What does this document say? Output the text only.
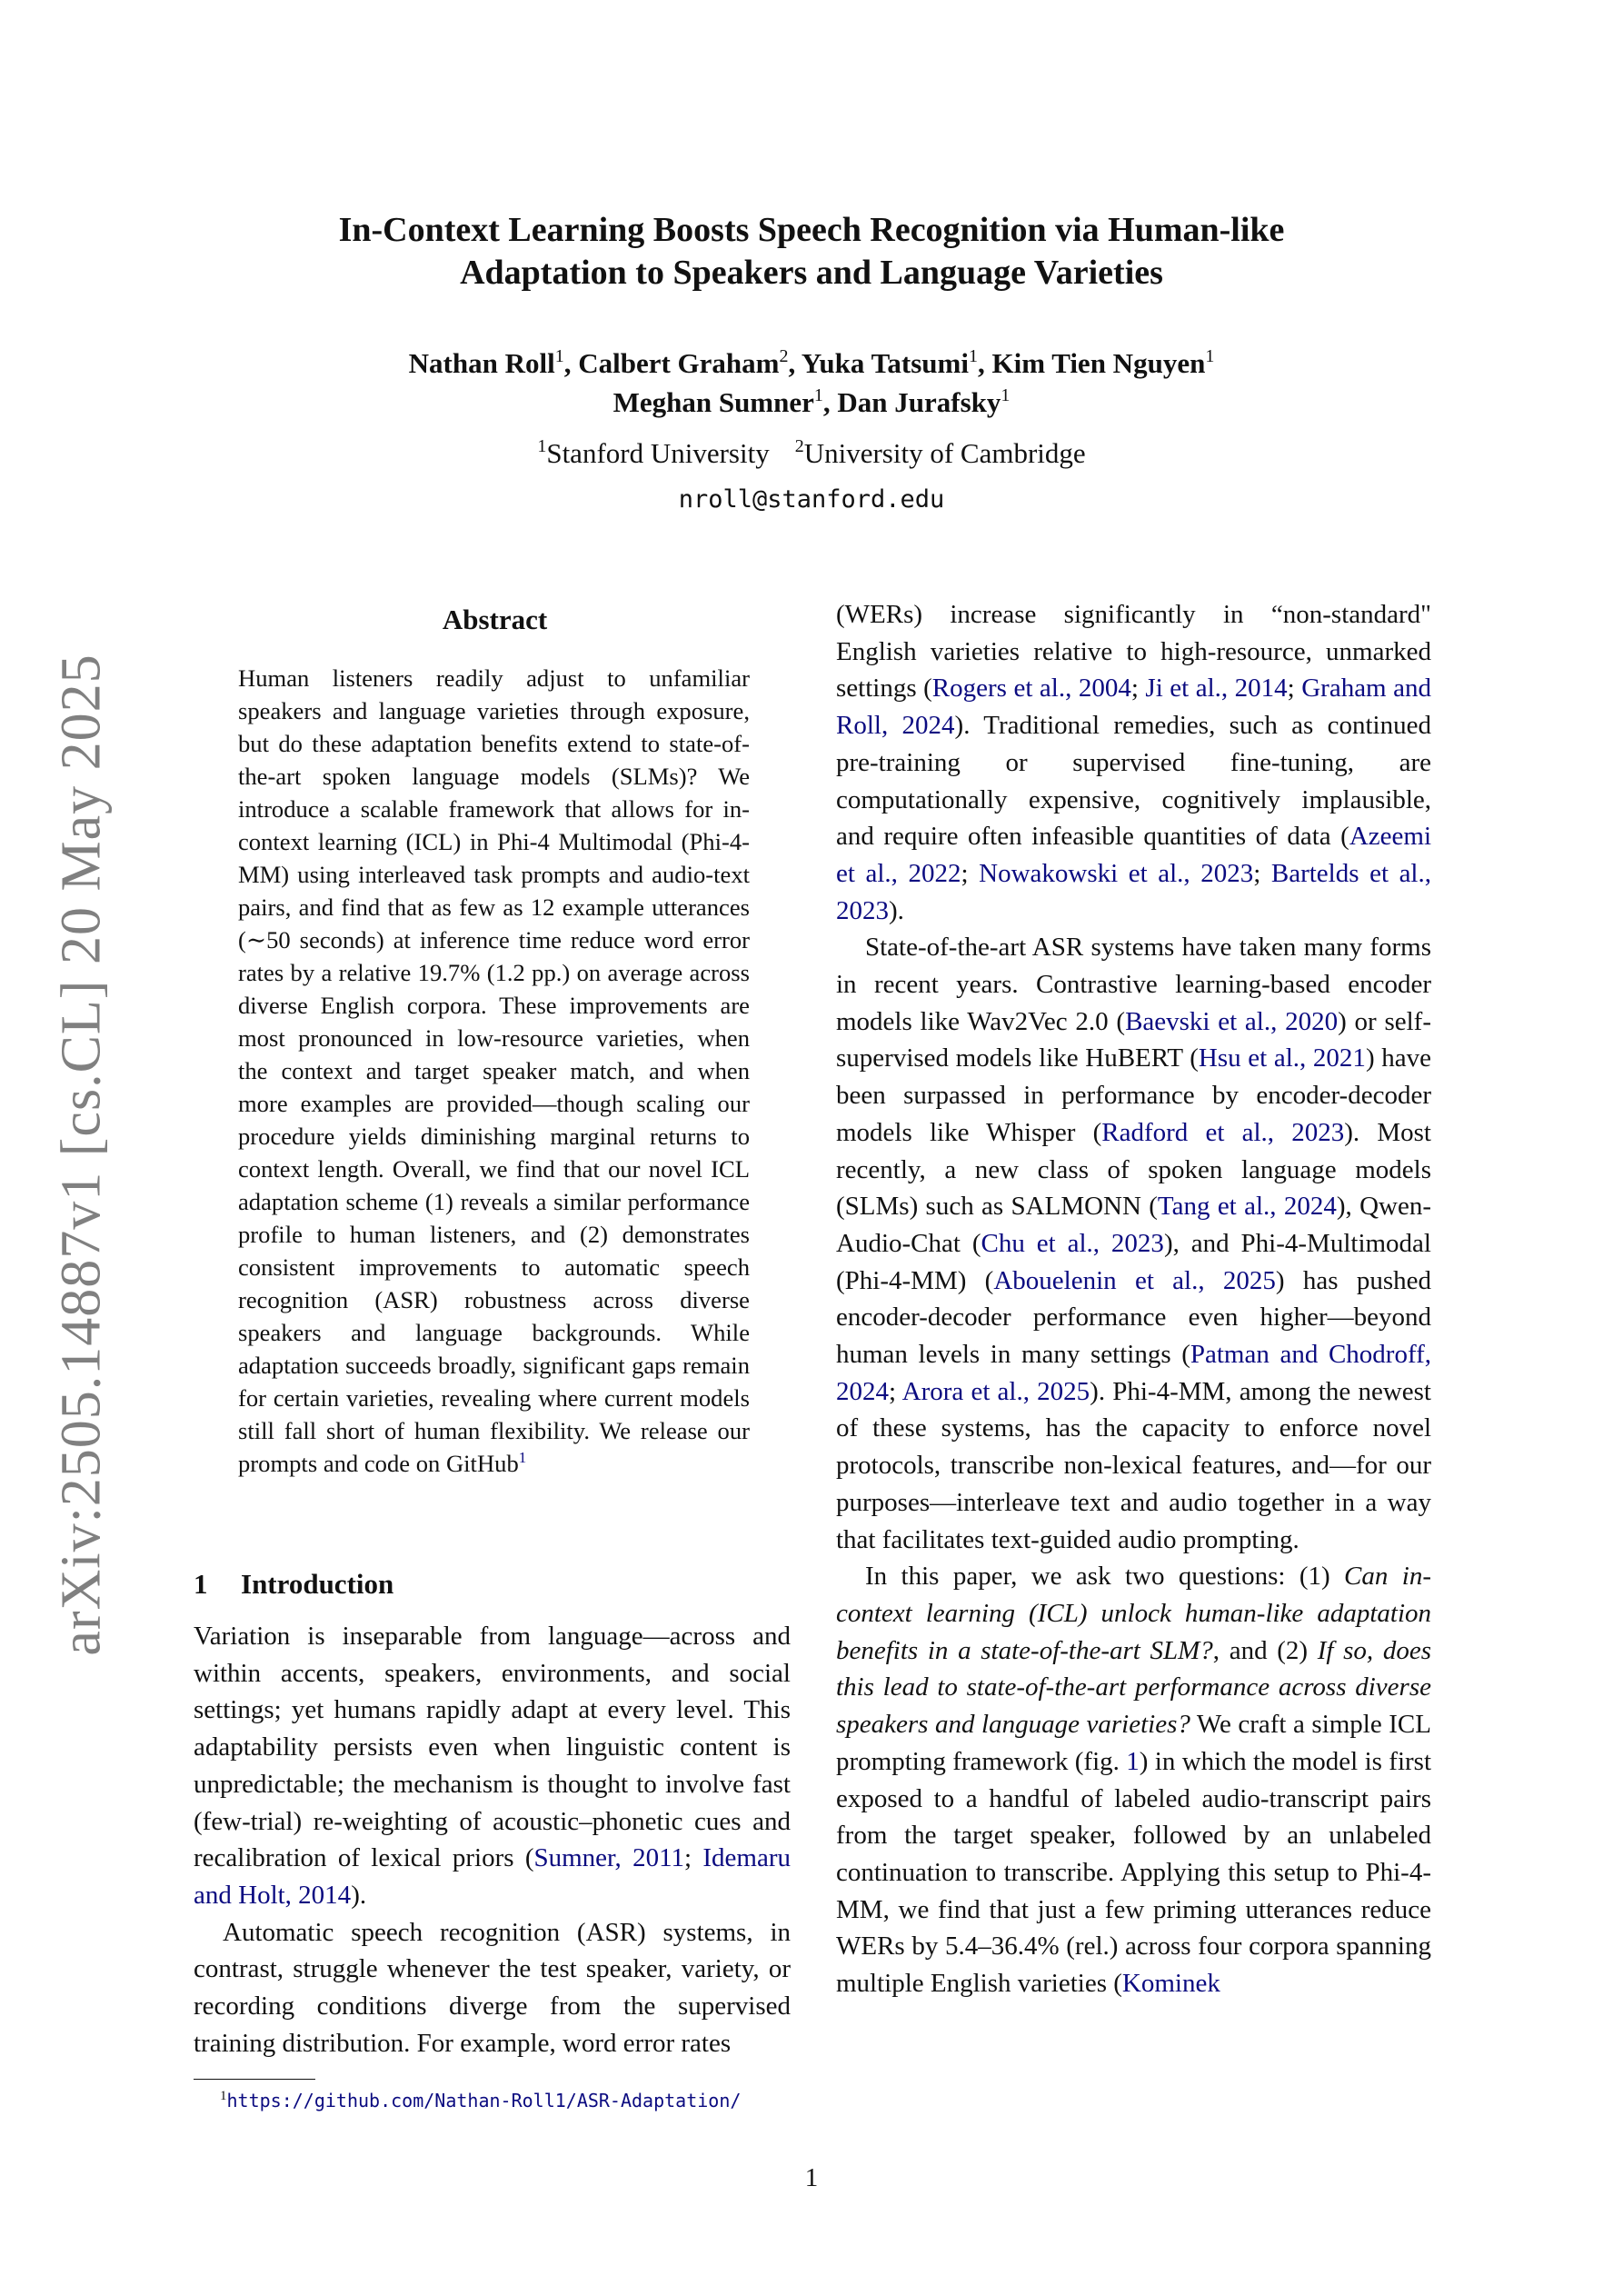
arXiv:2505.14887v1 [cs.CL] 20 May 2025
In-Context Learning Boosts Speech Recognition via Human-like
Adaptation to Speakers and Language Varieties
Nathan Roll$^1$, Calbert Graham$^2$, Yuka Tatsumi$^1$, Kim Tien Nguyen$^1$
Meghan Sumner$^1$, Dan Jurafsky$^1$
$^1$Stanford University $^2$University of Cambridge
nroll@stanford.edu
Abstract
Human listeners readily adjust to unfamiliar speakers and language varieties through exposure, but do these adaptation benefits extend to state-of-the-art spoken language models (SLMs)? We introduce a scalable framework that allows for in-context learning (ICL) in Phi-4 Multimodal (Phi-4-MM) using interleaved task prompts and audio-text pairs, and find that as few as 12 example utterances (∼50 seconds) at inference time reduce word error rates by a relative 19.7% (1.2 pp.) on average across diverse English corpora. These improvements are most pronounced in low-resource varieties, when the context and target speaker match, and when more examples are provided—though scaling our procedure yields diminishing marginal returns to context length. Overall, we find that our novel ICL adaptation scheme (1) reveals a similar performance profile to human listeners, and (2) demonstrates consistent improvements to automatic speech recognition (ASR) robustness across diverse speakers and language backgrounds. While adaptation succeeds broadly, significant gaps remain for certain varieties, revealing where current models still fall short of human flexibility. We release our prompts and code on GitHub$^1$
1 Introduction

Variation is inseparable from language—across and within accents, speakers, environments, and social settings; yet humans rapidly adapt at every level. This adaptability persists even when linguistic content is unpredictable; the mechanism is thought to involve fast (few-trial) re-weighting of acoustic–phonetic cues and recalibration of lexical priors (Sumner, 2011; Idemaru and Holt, 2014).

Automatic speech recognition (ASR) systems, in contrast, struggle whenever the test speaker, variety, or recording conditions diverge from the supervised training distribution. For example, word error rates

$^1$https://github.com/Nathan-Roll1/ASR-Adaptation/

(WERs) increase significantly in “non-standard" English varieties relative to high-resource, unmarked settings (Rogers et al., 2004; Ji et al., 2014; Graham and Roll, 2024). Traditional remedies, such as continued pre-training or supervised fine-tuning, are computationally expensive, cognitively implausible, and require often infeasible quantities of data (Azeemi et al., 2022; Nowakowski et al., 2023; Bartelds et al., 2023).

State-of-the-art ASR systems have taken many forms in recent years. Contrastive learning-based encoder models like Wav2Vec 2.0 (Baevski et al., 2020) or self-supervised models like HuBERT (Hsu et al., 2021) have been surpassed in performance by encoder-decoder models like Whisper (Radford et al., 2023). Most recently, a new class of spoken language models (SLMs) such as SALMONN (Tang et al., 2024), Qwen-Audio-Chat (Chu et al., 2023), and Phi-4-Multimodal (Phi-4-MM) (Abouelenin et al., 2025) has pushed encoder-decoder performance even higher—beyond human levels in many settings (Patman and Chodroff, 2024; Arora et al., 2025). Phi-4-MM, among the newest of these systems, has the capacity to enforce novel protocols, transcribe non-lexical features, and—for our purposes—interleave text and audio together in a way that facilitates text-guided audio prompting.

In this paper, we ask two questions: (1) Can in-context learning (ICL) unlock human-like adaptation benefits in a state-of-the-art SLM?, and (2) If so, does this lead to state-of-the-art performance across diverse speakers and language varieties? We craft a simple ICL prompting framework (fig. 1) in which the model is first exposed to a handful of labeled audio-transcript pairs from the target speaker, followed by an unlabeled continuation to transcribe. Applying this setup to Phi-4-MM, we find that just a few priming utterances reduce WERs by 5.4–36.4% (rel.) across four corpora spanning multiple English varieties (Kominek

1
